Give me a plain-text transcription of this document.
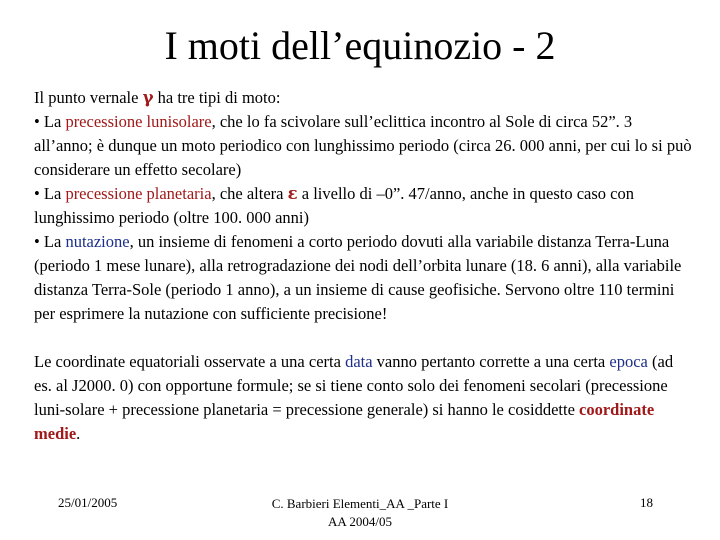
I moti dell’equinozio - 2

Il punto vernale γ ha tre tipi di moto:

• La precessione lunisolare, che lo fa scivolare sull’eclittica incontro al Sole di circa 52”. 3 all’anno; è dunque un moto periodico con lunghissimo periodo (circa 26. 000 anni, per cui lo si può considerare un effetto secolare)

• La precessione planetaria, che altera ε a livello di –0”. 47/anno, anche in questo caso con lunghissimo periodo (oltre 100. 000 anni)

• La nutazione, un insieme di fenomeni a corto periodo dovuti alla variabile distanza Terra-Luna (periodo 1 mese lunare), alla retrogradazione dei nodi dell’orbita lunare (18. 6 anni), alla variabile distanza Terra-Sole (periodo 1 anno), a un insieme di cause geofisiche. Servono oltre 110 termini per esprimere la nutazione con sufficiente precisione!

Le coordinate equatoriali osservate a una certa data vanno pertanto corrette a una certa epoca (ad es. al J2000. 0) con opportune formule; se si tiene conto solo dei fenomeni secolari (precessione luni-solare + precessione planetaria = precessione generale) si hanno le cosiddette coordinate medie.

25/01/2005	C. Barbieri Elementi_AA _Parte I
AA 2004/05
18
